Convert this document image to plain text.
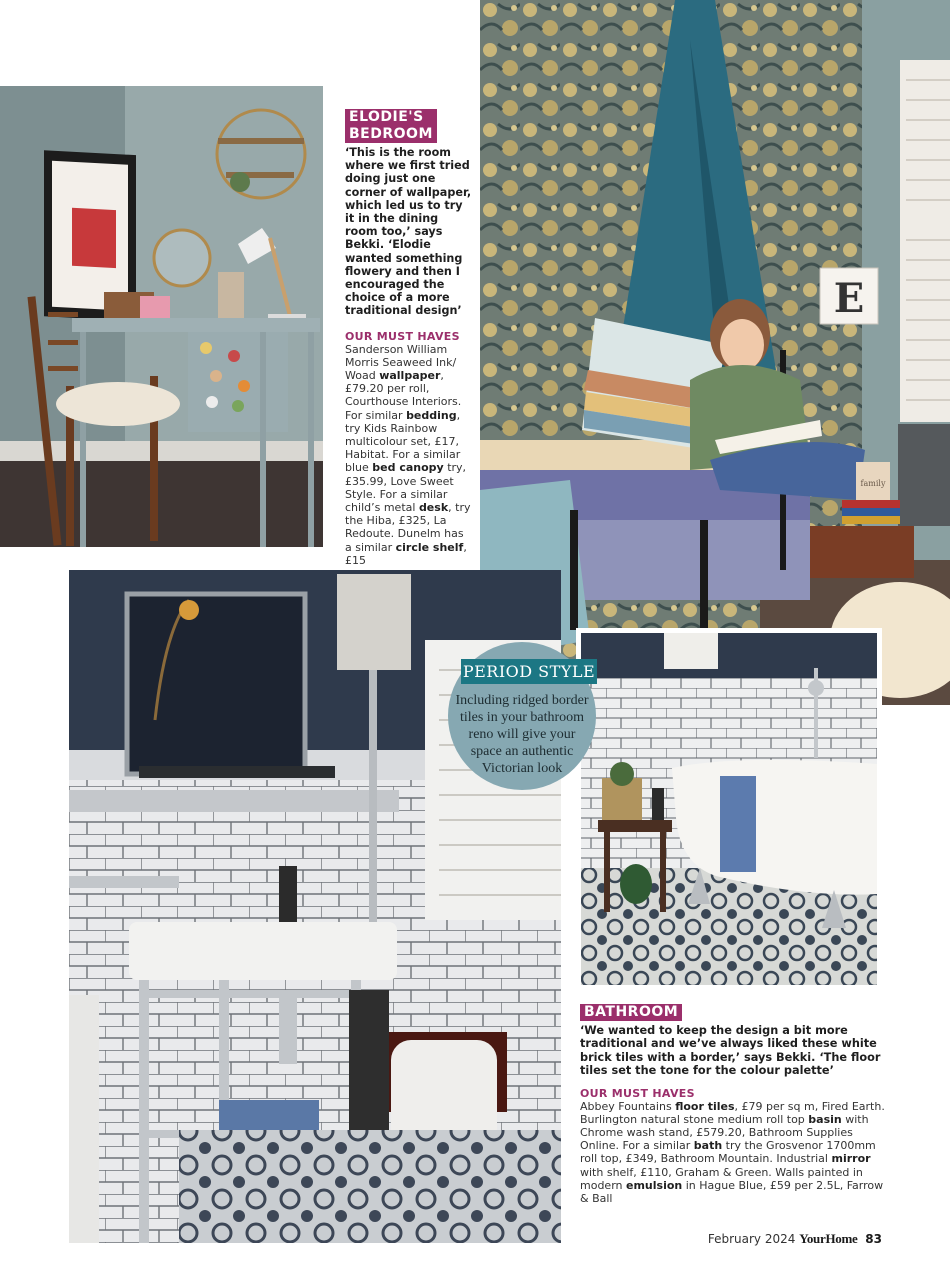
E
family
ELODIE'S
BEDROOM
‘This is the room where we first tried doing just one corner of wallpaper, which led us to try it in the dining room too,’ says Bekki. ‘Elodie wanted something flowery and then I encouraged the choice of a more traditional design’
OUR MUST HAVES
Sanderson William Morris Seaweed Ink/ Woad wallpaper, £79.20 per roll, Courthouse Interiors. For similar bedding, try Kids Rainbow multicolour set, £17, Habitat. For a similar blue bed canopy try, £35.99, Love Sweet Style. For a similar child’s metal desk, try the Hiba, £325, La Redoute. Dunelm has a similar circle shelf, £15
PERIOD STYLE
Including ridged border tiles in your bathroom reno will give your space an authentic Victorian look
BATHROOM
‘We wanted to keep the design a bit more traditional and we’ve always liked these white brick tiles with a border,’ says Bekki. ‘The floor tiles set the tone for the colour palette’
OUR MUST HAVES
Abbey Fountains floor tiles, £79 per sq m, Fired Earth. Burlington natural stone medium roll top basin with Chrome wash stand, £579.20, Bathroom Supplies Online. For a similar bath try the Grosvenor 1700mm roll top, £349, Bathroom Mountain. Industrial mirror with shelf, £110, Graham & Green. Walls painted in modern emulsion in Hague Blue, £59 per 2.5L, Farrow & Ball
February 2024 YourHome 83
